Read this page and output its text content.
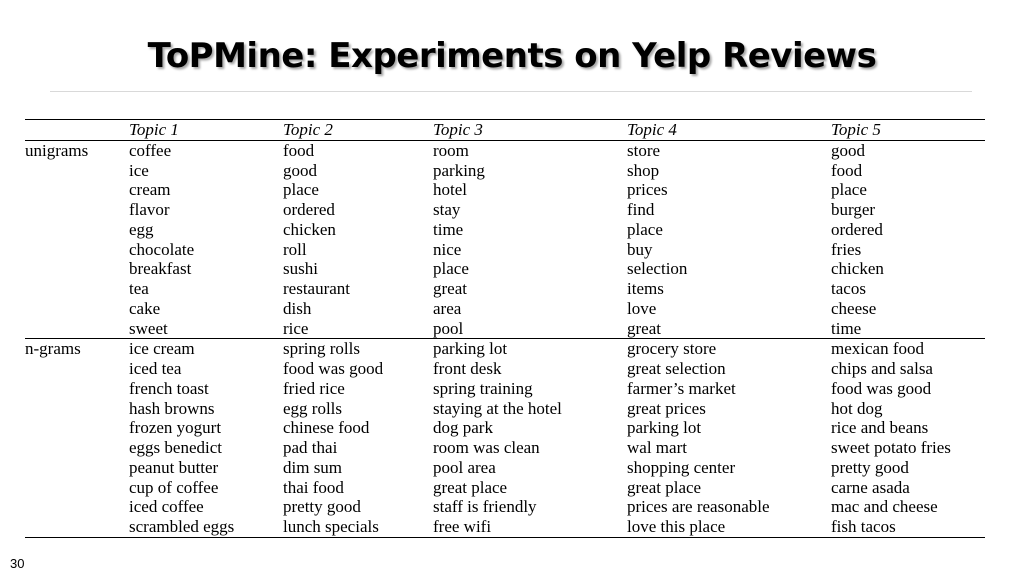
ToPMine: Experiments on Yelp Reviews
	Topic 1	Topic 2	Topic 3	Topic 4	Topic 5
unigrams	coffee	food	room	store	good
	ice	good	parking	shop	food
	cream	place	hotel	prices	place
	flavor	ordered	stay	find	burger
	egg	chicken	time	place	ordered
	chocolate	roll	nice	buy	fries
	breakfast	sushi	place	selection	chicken
	tea	restaurant	great	items	tacos
	cake	dish	area	love	cheese
	sweet	rice	pool	great	time
n-grams	ice cream	spring rolls	parking lot	grocery store	mexican food
	iced tea	food was good	front desk	great selection	chips and salsa
	french toast	fried rice	spring training	farmer’s market	food was good
	hash browns	egg rolls	staying at the hotel	great prices	hot dog
	frozen yogurt	chinese food	dog park	parking lot	rice and beans
	eggs benedict	pad thai	room was clean	wal mart	sweet potato fries
	peanut butter	dim sum	pool area	shopping center	pretty good
	cup of coffee	thai food	great place	great place	carne asada
	iced coffee	pretty good	staff is friendly	prices are reasonable	mac and cheese
	scrambled eggs	lunch specials	free wifi	love this place	fish tacos
30
